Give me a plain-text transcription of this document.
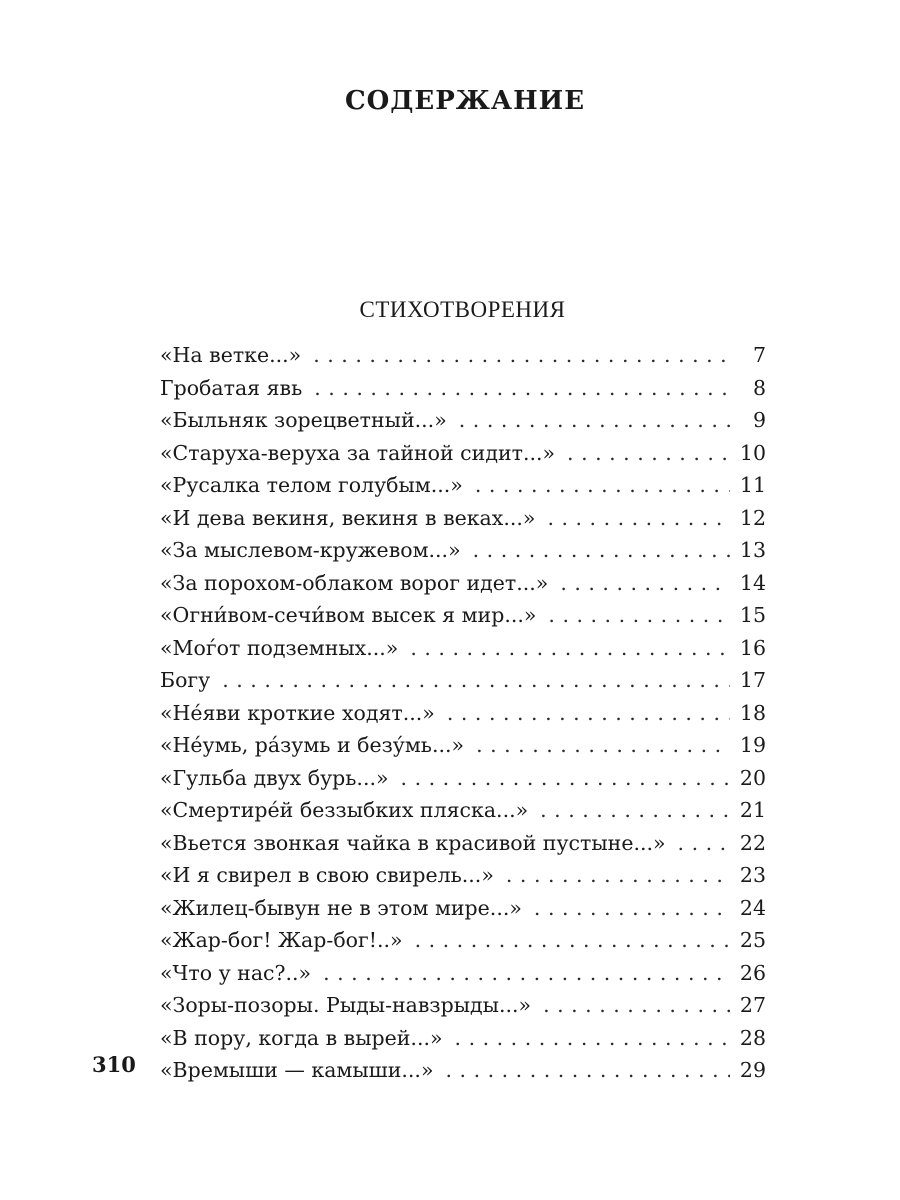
СОДЕРЖАНИЕ
СТИХОТВОРЕНИЯ
«На ветке...» . . .	7
Гробатая явь . . .	8
«Быльняк зорецветный...» . . .	9
«Старуха-веруха за тайной сидит...» . . .	10
«Русалка телом голубым...» . . .	11
«И дева векиня, векиня в веках...» . . .	12
«За мыслевом-кружевом...» . . .	13
«За порохом-облаком ворог идет...» . . .	14
«Огни́вом-сечи́вом высек я мир...» . . .	15
«Моѓот подземных...» . . .	16
Богу . . .	17
«Не́яви кроткие ходят...» . . .	18
«Не́умь, ра́зумь и безу́мь...» . . .	19
«Гульба двух бурь...» . . .	20
«Смертире́й беззыбких пляска...» . . .	21
«Вьется звонкая чайка в красивой пустыне...» . . .	22
«И я свирел в свою свирель...» . . .	23
«Жилец-бывун не в этом мире...» . . .	24
«Жар-бог! Жар-бог!..» . . .	25
«Что у нас?..» . . .	26
«Зоры-позоры. Рыды-навзрыды...» . . .	27
«В пору, когда в вырей...» . . .	28
«Времыши — камыши...» . . .	29
310
